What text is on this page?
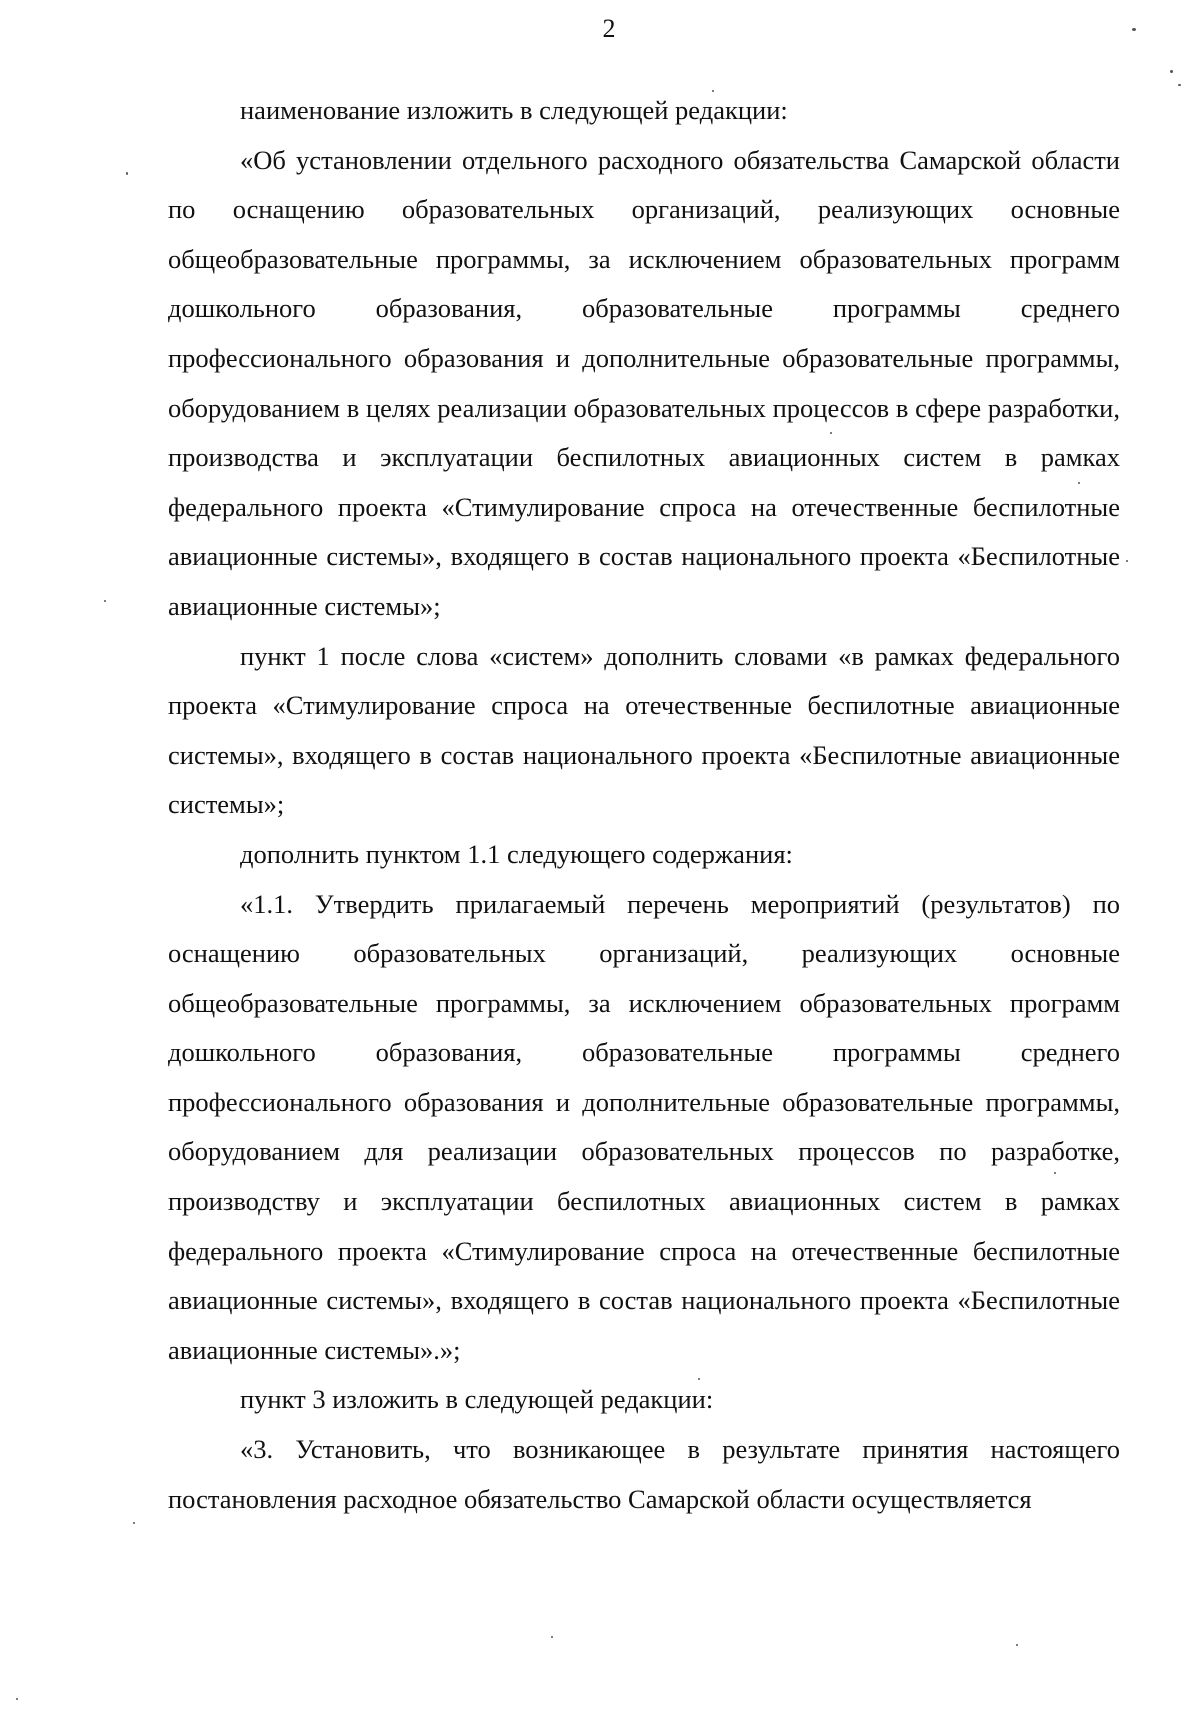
2

наименование изложить в следующей редакции:

«Об установлении отдельного расходного обязательства Самарской области по оснащению образовательных организаций, реализующих основные общеобразовательные программы, за исключением образовательных программ дошкольного образования, образовательные программы среднего профессионального образования и дополнительные образовательные программы, оборудованием в целях реализации образовательных процессов в сфере разработки, производства и эксплуатации беспилотных авиационных систем в рамках федерального проекта «Стимулирование спроса на отечественные беспилотные авиационные системы», входящего в состав национального проекта «Беспилотные авиационные системы»;

пункт 1 после слова «систем» дополнить словами «в рамках федерального проекта «Стимулирование спроса на отечественные беспилотные авиационные системы», входящего в состав национального проекта «Беспилотные авиационные системы»;

дополнить пунктом 1.1 следующего содержания:

«1.1. Утвердить прилагаемый перечень мероприятий (результатов) по оснащению образовательных организаций, реализующих основные общеобразовательные программы, за исключением образовательных программ дошкольного образования, образовательные программы среднего профессионального образования и дополнительные образовательные программы, оборудованием для реализации образовательных процессов по разработке, производству и эксплуатации беспилотных авиационных систем в рамках федерального проекта «Стимулирование спроса на отечественные беспилотные авиационные системы», входящего в состав национального проекта «Беспилотные авиационные системы».»;

пункт 3 изложить в следующей редакции:

«3. Установить, что возникающее в результате принятия настоящего постановления расходное обязательство Самарской области осуществляется
